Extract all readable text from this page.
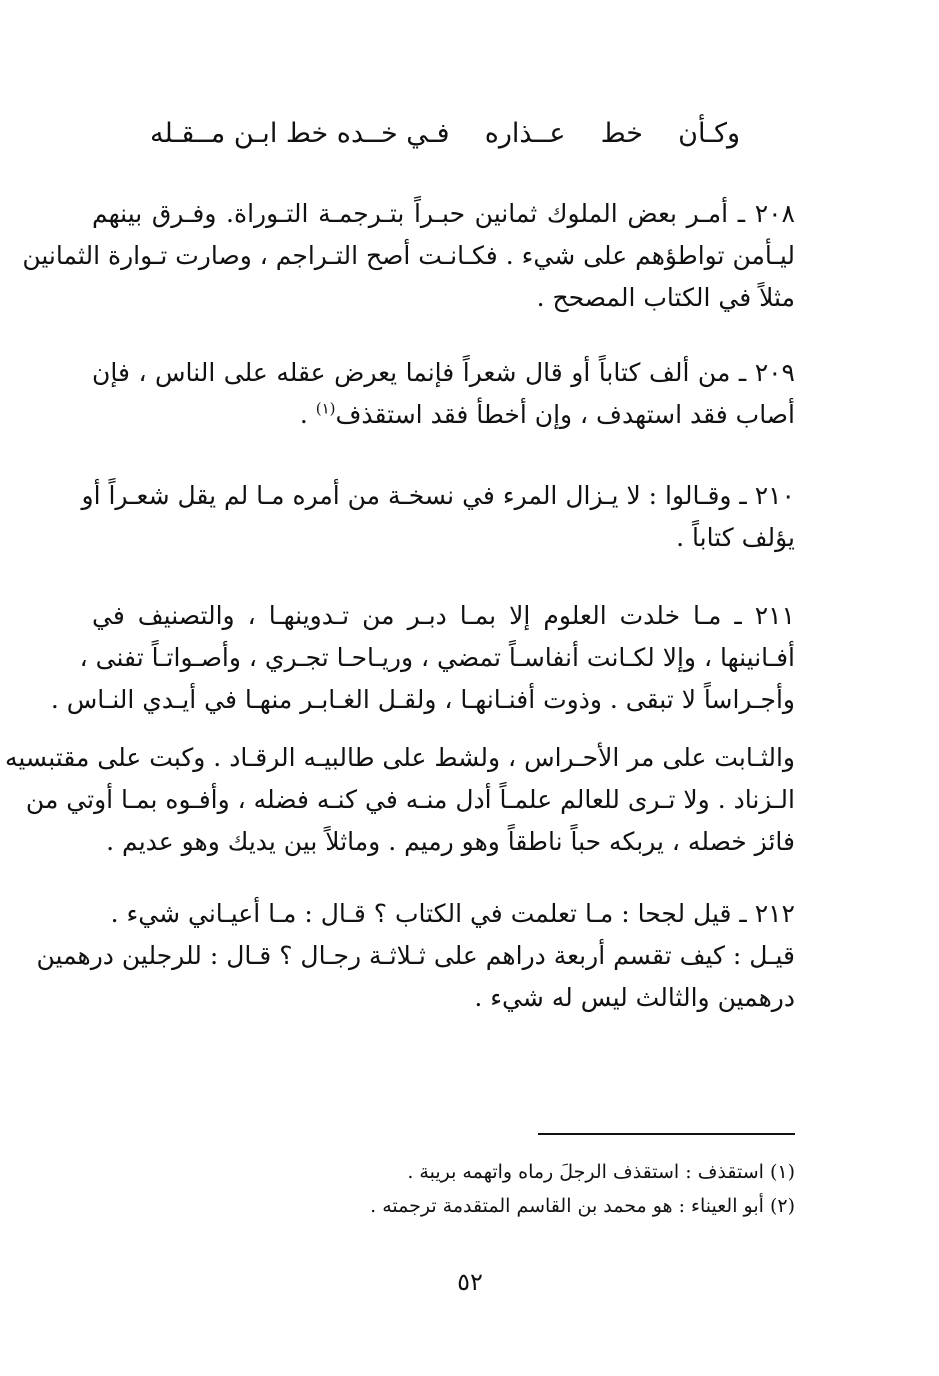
وكـأن
خط
عــذاره
فـي خــده خط ابـن مــقـله
٢٠٨ ـ أمـر بعض الملوك ثمانين حبـراً بتـرجمـة التـوراة. وفـرق بينهم
ليـأمن تواطؤهم على شيء . فكـانـت أصح التـراجم ، وصارت تـوارة الثمانين
مثلاً في الكتاب المصحح .
٢٠٩ ـ من ألف كتاباً أو قال شعراً فإنما يعرض عقله على الناس ، فإن
أصاب فقد استهدف ، وإن أخطأ فقد استقذف$^{(١)}$ .
٢١٠ ـ وقـالوا : لا يـزال المرء في نسخـة من أمره مـا لم يقل شعـراً أو
يؤلف كتاباً .
٢١١ ـ مـا خلدت العلوم إلا بمـا دبـر من تـدوينهـا ، والتصنيف في
أفـانينها ، وإلا لكـانت أنفاسـاً تمضي ، وريـاحـا تجـري ، وأصـواتـاً تفنى ،
وأجـراساً لا تبقى . وذوت أفنـانهـا ، ولقـل الغـابـر منهـا في أيـدي النـاس .
والثـابت على مر الأحـراس ، ولشط على طالبيـه الرقـاد . وكبت على مقتبسيه
الـزناد . ولا تـرى للعالم علمـاً أدل منـه في كنـه فضله ، وأفـوه بمـا أوتي من
فائز خصله ، يربكه حباً ناطقاً وهو رميم . وماثلاً بين يديك وهو عديم .
٢١٢ ـ قيل لجحا : مـا تعلمت في الكتاب ؟ قـال : مـا أعيـاني شيء .
قيـل : كيف تقسم أربعة دراهم على ثـلاثـة رجـال ؟ قـال : للرجلين درهمين
درهمين والثالث ليس له شيء .
(١) استقذف : استقذف الرجلَ رماه واتهمه بريبة .
(٢) أبو العيناء : هو محمد بن القاسم المتقدمة ترجمته .
٥٢
